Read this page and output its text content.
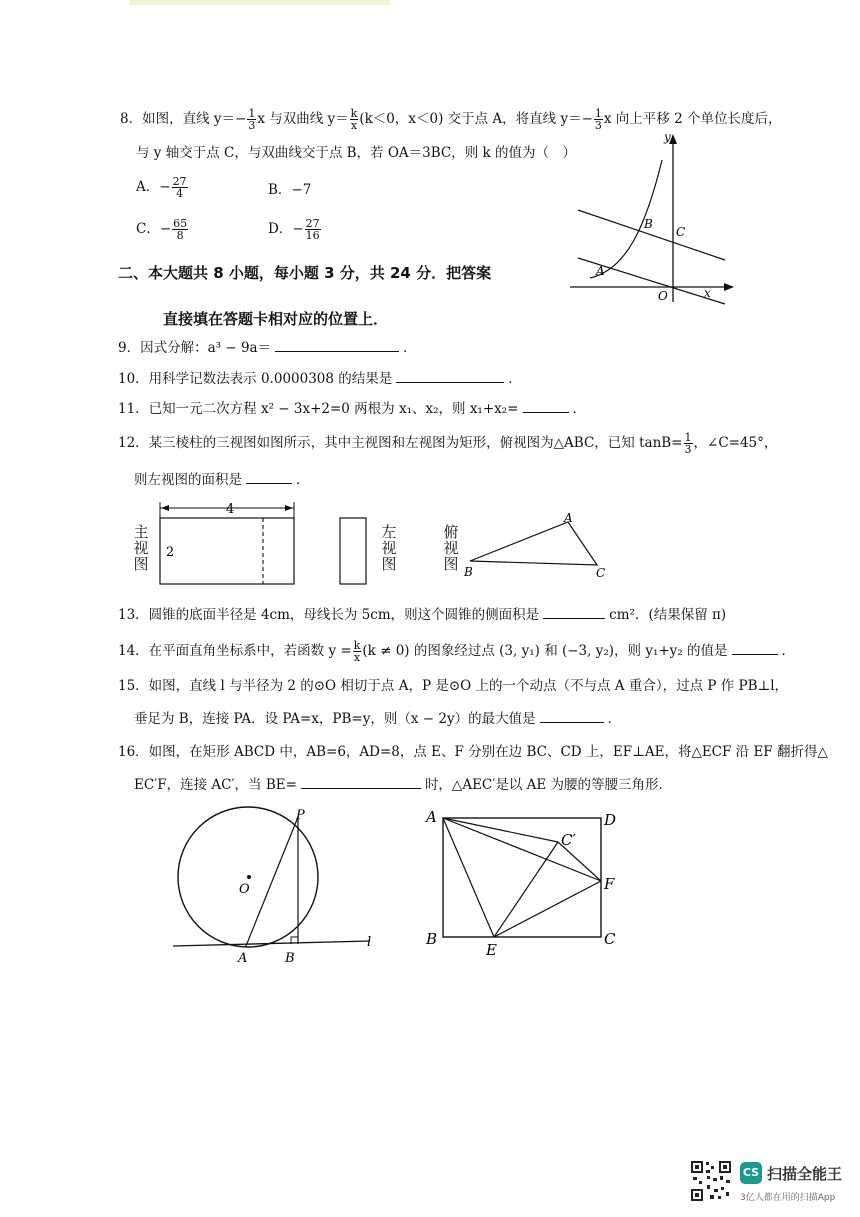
8．如图，直线 $y=- \frac{1}{3}$ x 与双曲线 $y= \frac{k}{x} (k<0$，x＜0) 交于点 A，将直线 $y=- \frac{1}{3}$ x 向上平移 2 个单位长度后，
与 y 轴交于点 C，与双曲线交于点 B，若 OA＝3BC，则 k 的值为（　）
A．− $\frac{27}{4}$	B．−7
C．− $\frac{65}{8}$	D．− $\frac{27}{16}$
y
x
O
A
B
C
二、本大题共 8 小题，每小题 3 分，共 24 分．把答案
直接填在答题卡相对应的位置上．
9．因式分解：a³ − 9a＝	．
10．用科学记数法表示 0.0000308 的结果是	．
11．已知一元二次方程 x² − 3x+2=0 两根为 x₁、x₂，则 x₁+x₂=	．
12．某三棱柱的三视图如图所示，其中主视图和左视图为矩形，俯视图为△ABC，已知 $\tan B= \frac{1}{3}$ ，∠C=45°，
则左视图的面积是	．
4
2
A
B	C
主视图
左视图
俯视图
13．圆锥的底面半径是 4cm，母线长为 5cm，则这个圆锥的侧面积是	cm²．(结果保留 π)
14．在平面直角坐标系中，若函数 $y = \frac{k}{x} (k \ne 0)$ 的图象经过点 (3, y₁) 和 (−3, y₂)，则 y₁+y₂ 的值是	．
15．如图，直线 l 与半径为 2 的⊙O 相切于点 A，P 是⊙O 上的一个动点（不与点 A 重合），过点 P 作 PB⊥l，
垂足为 B，连接 PA．设 PA=x，PB=y，则（x − 2y）的最大值是	．
16．如图，在矩形 ABCD 中，AB=6，AD=8，点 E、F 分别在边 BC、CD 上，EF⊥AE，将△ECF 沿 EF 翻折得△
EC′F，连接 AC′，当 BE=	时，△AEC′是以 AE 为腰的等腰三角形．
P
O
A	B
l
A	D
B	C
E
F
C′
CS 扫描全能王
3亿人都在用的扫描App
